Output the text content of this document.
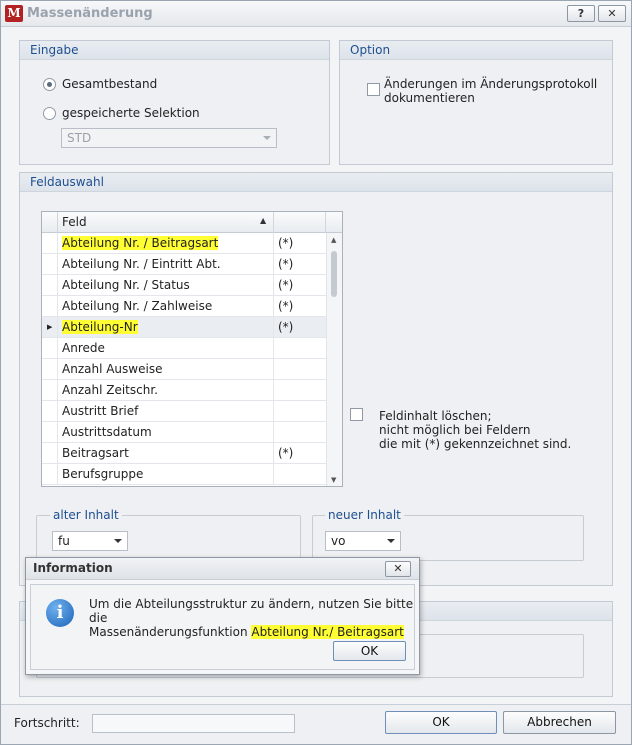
M Massenänderung	?	✕
Eingabe
Gesamtbestand
gespeicherte Selektion
STD
Option
Änderungen im Änderungsprotokoll
dokumentieren
Feldauswahl
alter Inhalt
fu
neuer Inhalt
vo
Feldinhalt löschen;
nicht möglich bei Feldern
die mit (*) gekennzeichnet sind.
Feld	▲
Abteilung Nr. / Beitragsart	(*)
Abteilung Nr. / Eintritt Abt.	(*)
Abteilung Nr. / Status	(*)
Abteilung Nr. / Zahlweise	(*)
▶ Abteilung-Nr	(*)
Anrede
Anzahl Ausweise
Anzahl Zeitschr.
Austritt Brief
Austrittsdatum
Beitragsart	(*)
Berufsgruppe
▲
▼
Fortschritt:	OK	Abbrechen
Information	✕
i	Um die Abteilungsstruktur zu ändern, nutzen Sie bitte die
Massenänderungsfunktion Abteilung Nr./ Beitragsart
OK
